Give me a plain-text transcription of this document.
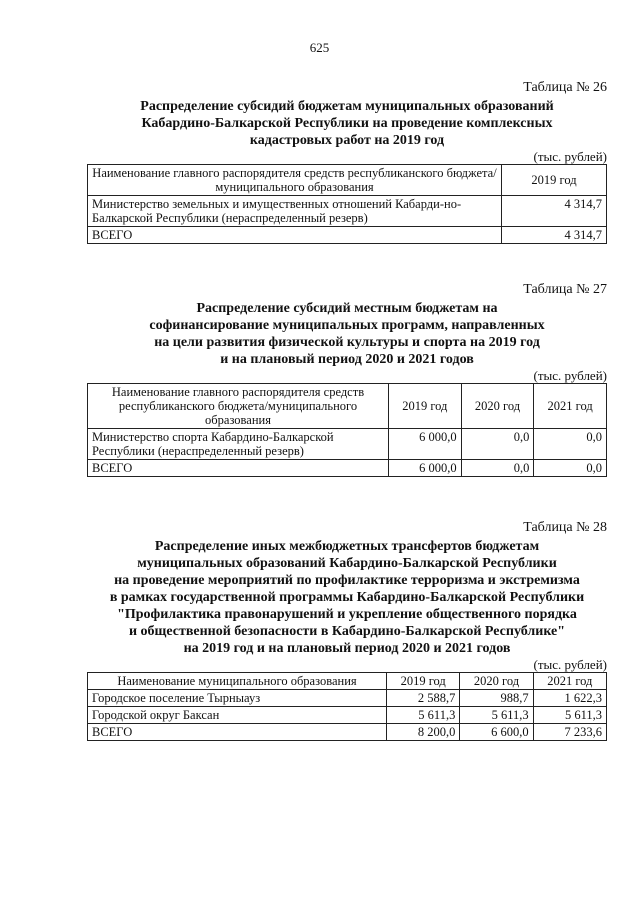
625

Таблица № 26

Распределение субсидий бюджетам муниципальных образований
Кабардино-Балкарской Республики на проведение комплексных
кадастровых работ на 2019 год

(тыс. рублей)

Наименование главного распорядителя средств республиканского бюджета/муниципального образования	2019 год
Министерство земельных и имущественных отношений Кабарди-но-Балкарской Республики (нераспределенный резерв)	4 314,7
ВСЕГО	4 314,7

Таблица № 27

Распределение субсидий местным бюджетам на
софинансирование муниципальных программ, направленных
на цели развития физической культуры и спорта на 2019 год
и на плановый период 2020 и 2021 годов

(тыс. рублей)

Наименование главного распорядителя средств республиканского бюджета/муниципального образования	2019 год	2020 год	2021 год
Министерство спорта Кабардино-Балкарской Республики (нераспределенный резерв)	6 000,0	0,0	0,0
ВСЕГО	6 000,0	0,0	0,0

Таблица № 28

Распределение иных межбюджетных трансфертов бюджетам
муниципальных образований Кабардино-Балкарской Республики
на проведение мероприятий по профилактике терроризма и экстремизма
в рамках государственной программы Кабардино-Балкарской Республики
"Профилактика правонарушений и укрепление общественного порядка
и общественной безопасности в Кабардино-Балкарской Республике"
на 2019 год и на плановый период 2020 и 2021 годов

(тыс. рублей)

Наименование муниципального образования	2019 год	2020 год	2021 год
Городское поселение Тырныауз	2 588,7	988,7	1 622,3
Городской округ Баксан	5 611,3	5 611,3	5 611,3
ВСЕГО	8 200,0	6 600,0	7 233,6
